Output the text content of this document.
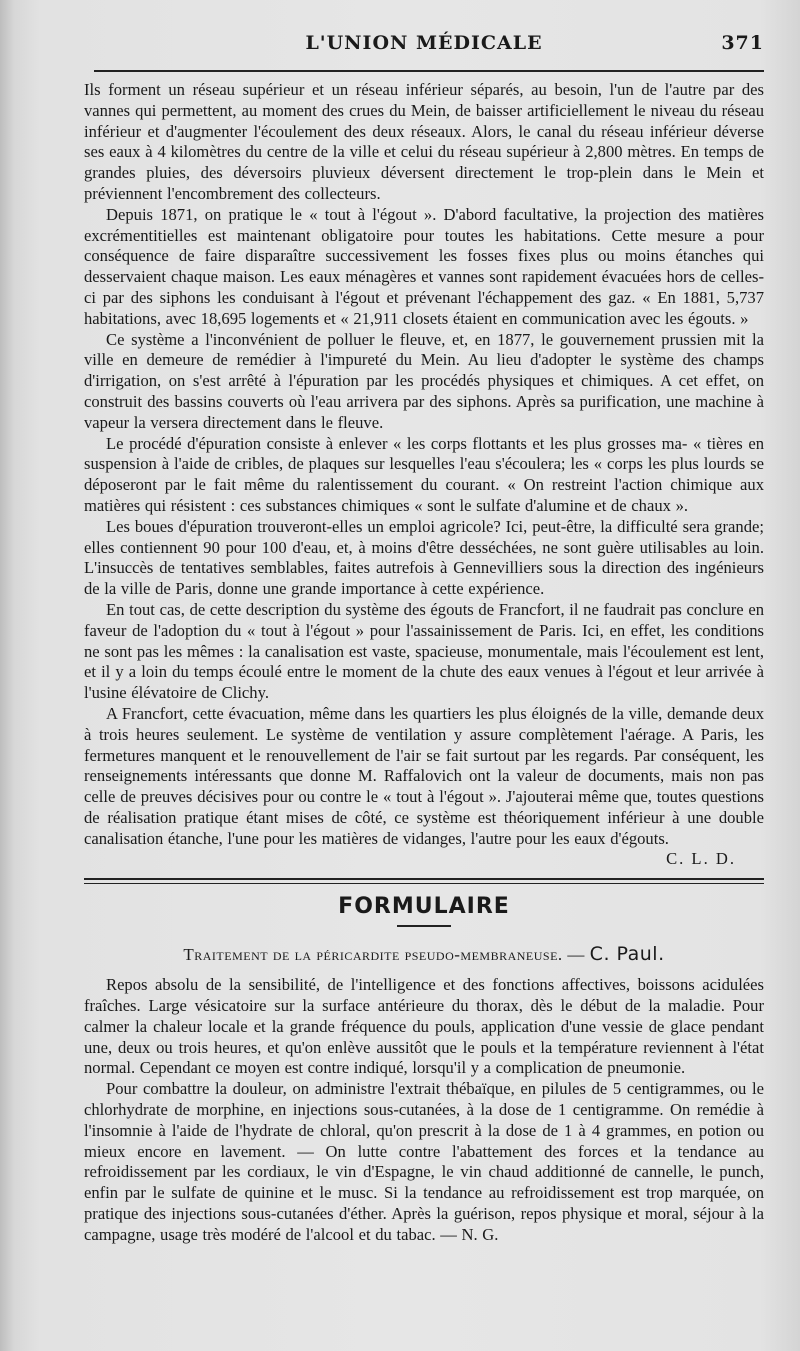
L'UNION MÉDICALE	371

Ils forment un réseau supérieur et un réseau inférieur séparés, au besoin, l'un de l'autre par des vannes qui permettent, au moment des crues du Mein, de baisser artificiellement le niveau du réseau inférieur et d'augmenter l'écoulement des deux réseaux. Alors, le canal du réseau inférieur déverse ses eaux à 4 kilomètres du centre de la ville et celui du réseau supérieur à 2,800 mètres. En temps de grandes pluies, des déversoirs pluvieux déversent directement le trop-plein dans le Mein et préviennent l'encombrement des collecteurs.

Depuis 1871, on pratique le « tout à l'égout ». D'abord facultative, la projection des matières excrémentitielles est maintenant obligatoire pour toutes les habitations. Cette mesure a pour conséquence de faire disparaître successivement les fosses fixes plus ou moins étanches qui desservaient chaque maison. Les eaux ménagères et vannes sont rapidement évacuées hors de celles-ci par des siphons les conduisant à l'égout et prévenant l'échappement des gaz. « En 1881, 5,737 habitations, avec 18,695 logements et « 21,911 closets étaient en communication avec les égouts. »

Ce système a l'inconvénient de polluer le fleuve, et, en 1877, le gouvernement prussien mit la ville en demeure de remédier à l'impureté du Mein. Au lieu d'adopter le système des champs d'irrigation, on s'est arrêté à l'épuration par les procédés physiques et chimiques. A cet effet, on construit des bassins couverts où l'eau arrivera par des siphons. Après sa purification, une machine à vapeur la versera directement dans le fleuve.

Le procédé d'épuration consiste à enlever « les corps flottants et les plus grosses ma- « tières en suspension à l'aide de cribles, de plaques sur lesquelles l'eau s'écoulera; les « corps les plus lourds se déposeront par le fait même du ralentissement du courant. « On restreint l'action chimique aux matières qui résistent : ces substances chimiques « sont le sulfate d'alumine et de chaux ».

Les boues d'épuration trouveront-elles un emploi agricole? Ici, peut-être, la difficulté sera grande; elles contiennent 90 pour 100 d'eau, et, à moins d'être desséchées, ne sont guère utilisables au loin. L'insuccès de tentatives semblables, faites autrefois à Gennevilliers sous la direction des ingénieurs de la ville de Paris, donne une grande importance à cette expérience.

En tout cas, de cette description du système des égouts de Francfort, il ne faudrait pas conclure en faveur de l'adoption du « tout à l'égout » pour l'assainissement de Paris. Ici, en effet, les conditions ne sont pas les mêmes : la canalisation est vaste, spacieuse, monumentale, mais l'écoulement est lent, et il y a loin du temps écoulé entre le moment de la chute des eaux venues à l'égout et leur arrivée à l'usine élévatoire de Clichy.

A Francfort, cette évacuation, même dans les quartiers les plus éloignés de la ville, demande deux à trois heures seulement. Le système de ventilation y assure complètement l'aérage. A Paris, les fermetures manquent et le renouvellement de l'air se fait surtout par les regards. Par conséquent, les renseignements intéressants que donne M. Raffalovich ont la valeur de documents, mais non pas celle de preuves décisives pour ou contre le « tout à l'égout ». J'ajouterai même que, toutes questions de réalisation pratique étant mises de côté, ce système est théoriquement inférieur à une double canalisation étanche, l'une pour les matières de vidanges, l'autre pour les eaux d'égouts.

C. L. D.

FORMULAIRE

Traitement de la péricardite pseudo-membraneuse. — C. Paul.

Repos absolu de la sensibilité, de l'intelligence et des fonctions affectives, boissons acidulées fraîches. Large vésicatoire sur la surface antérieure du thorax, dès le début de la maladie. Pour calmer la chaleur locale et la grande fréquence du pouls, application d'une vessie de glace pendant une, deux ou trois heures, et qu'on enlève aussitôt que le pouls et la température reviennent à l'état normal. Cependant ce moyen est contre indiqué, lorsqu'il y a complication de pneumonie.

Pour combattre la douleur, on administre l'extrait thébaïque, en pilules de 5 centigrammes, ou le chlorhydrate de morphine, en injections sous-cutanées, à la dose de 1 centigramme. On remédie à l'insomnie à l'aide de l'hydrate de chloral, qu'on prescrit à la dose de 1 à 4 grammes, en potion ou mieux encore en lavement. — On lutte contre l'abattement des forces et la tendance au refroidissement par les cordiaux, le vin d'Espagne, le vin chaud additionné de cannelle, le punch, enfin par le sulfate de quinine et le musc. Si la tendance au refroidissement est trop marquée, on pratique des injections sous-cutanées d'éther. Après la guérison, repos physique et moral, séjour à la campagne, usage très modéré de l'alcool et du tabac. — N. G.
